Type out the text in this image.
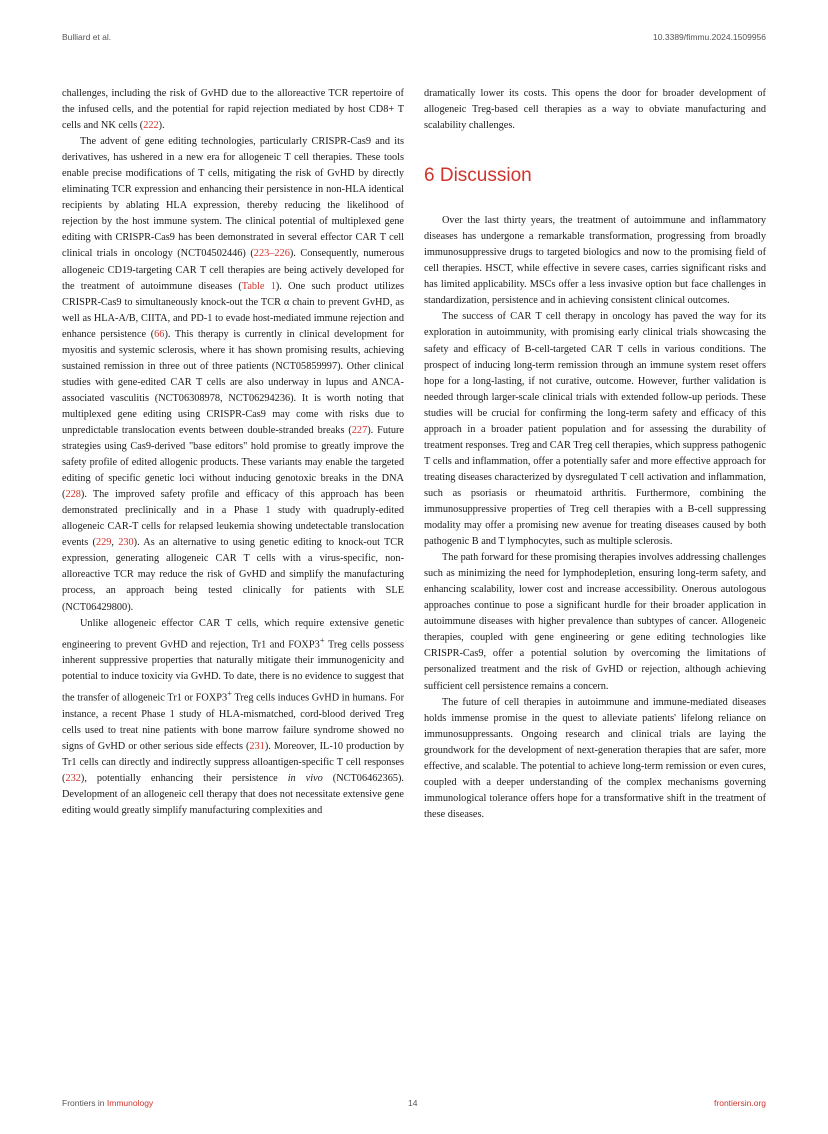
Bulliard et al.	10.3389/fimmu.2024.1509956

challenges, including the risk of GvHD due to the alloreactive TCR repertoire of the infused cells, and the potential for rapid rejection mediated by host CD8+ T cells and NK cells (222).

The advent of gene editing technologies, particularly CRISPR-Cas9 and its derivatives, has ushered in a new era for allogeneic T cell therapies. These tools enable precise modifications of T cells, mitigating the risk of GvHD by directly eliminating TCR expression and enhancing their persistence in non-HLA identical recipients by ablating HLA expression, thereby reducing the likelihood of rejection by the host immune system. The clinical potential of multiplexed gene editing with CRISPR-Cas9 has been demonstrated in several effector CAR T cell clinical trials in oncology (NCT04502446) (223–226). Consequently, numerous allogeneic CD19-targeting CAR T cell therapies are being actively developed for the treatment of autoimmune diseases (Table 1). One such product utilizes CRISPR-Cas9 to simultaneously knock-out the TCR α chain to prevent GvHD, as well as HLA-A/B, CIITA, and PD-1 to evade host-mediated immune rejection and enhance persistence (66). This therapy is currently in clinical development for myositis and systemic sclerosis, where it has shown promising results, achieving sustained remission in three out of three patients (NCT05859997). Other clinical studies with gene-edited CAR T cells are also underway in lupus and ANCA-associated vasculitis (NCT06308978, NCT06294236). It is worth noting that multiplexed gene editing using CRISPR-Cas9 may come with risks due to unpredictable translocation events between double-stranded breaks (227). Future strategies using Cas9-derived "base editors" hold promise to greatly improve the safety profile of edited allogenic products. These variants may enable the targeted editing of specific genetic loci without inducing genotoxic breaks in the DNA (228). The improved safety profile and efficacy of this approach has been demonstrated preclinically and in a Phase 1 study with quadruply-edited allogeneic CAR-T cells for relapsed leukemia showing undetectable translocation events (229, 230). As an alternative to using genetic editing to knock-out TCR expression, generating allogeneic CAR T cells with a virus-specific, non-alloreactive TCR may reduce the risk of GvHD and simplify the manufacturing process, an approach being tested clinically for patients with SLE (NCT06429800).

Unlike allogeneic effector CAR T cells, which require extensive genetic engineering to prevent GvHD and rejection, Tr1 and FOXP3+ Treg cells possess inherent suppressive properties that naturally mitigate their immunogenicity and potential to induce toxicity via GvHD. To date, there is no evidence to suggest that the transfer of allogeneic Tr1 or FOXP3+ Treg cells induces GvHD in humans. For instance, a recent Phase 1 study of HLA-mismatched, cord-blood derived Treg cells used to treat nine patients with bone marrow failure syndrome showed no signs of GvHD or other serious side effects (231). Moreover, IL-10 production by Tr1 cells can directly and indirectly suppress alloantigen-specific T cell responses (232), potentially enhancing their persistence in vivo (NCT06462365). Development of an allogeneic cell therapy that does not necessitate extensive gene editing would greatly simplify manufacturing complexities and

dramatically lower its costs. This opens the door for broader development of allogeneic Treg-based cell therapies as a way to obviate manufacturing and scalability challenges.

6 Discussion

Over the last thirty years, the treatment of autoimmune and inflammatory diseases has undergone a remarkable transformation, progressing from broadly immunosuppressive drugs to targeted biologics and now to the promising field of cell therapies. HSCT, while effective in severe cases, carries significant risks and has limited applicability. MSCs offer a less invasive option but face challenges in standardization, persistence and in achieving consistent clinical outcomes.

The success of CAR T cell therapy in oncology has paved the way for its exploration in autoimmunity, with promising early clinical trials showcasing the safety and efficacy of B-cell-targeted CAR T cells in various conditions. The prospect of inducing long-term remission through an immune system reset offers hope for a long-lasting, if not curative, outcome. However, further validation is needed through larger-scale clinical trials with extended follow-up periods. These studies will be crucial for confirming the long-term safety and efficacy of this approach in a broader patient population and for assessing the durability of treatment responses. Treg and CAR Treg cell therapies, which suppress pathogenic T cells and inflammation, offer a potentially safer and more effective approach for treating diseases characterized by dysregulated T cell activation and inflammation, such as psoriasis or rheumatoid arthritis. Furthermore, combining the immunosuppressive properties of Treg cell therapies with a B-cell suppressing modality may offer a promising new avenue for treating diseases caused by both pathogenic B and T lymphocytes, such as multiple sclerosis.

The path forward for these promising therapies involves addressing challenges such as minimizing the need for lymphodepletion, ensuring long-term safety, and enhancing scalability, lower cost and increase accessibility. Onerous autologous approaches continue to pose a significant hurdle for their broader application in autoimmune diseases with higher prevalence than subtypes of cancer. Allogeneic therapies, coupled with gene engineering or gene editing technologies like CRISPR-Cas9, offer a potential solution by overcoming the limitations of personalized treatment and the risk of GvHD or rejection, although achieving sufficient cell persistence remains a concern.

The future of cell therapies in autoimmune and immune-mediated diseases holds immense promise in the quest to alleviate patients' lifelong reliance on immunosuppressants. Ongoing research and clinical trials are laying the groundwork for the development of next-generation therapies that are safer, more effective, and scalable. The potential to achieve long-term remission or even cures, coupled with a deeper understanding of the complex mechanisms governing immunological tolerance offers hope for a transformative shift in the treatment of these diseases.

Frontiers in Immunology	14	frontiersin.org
